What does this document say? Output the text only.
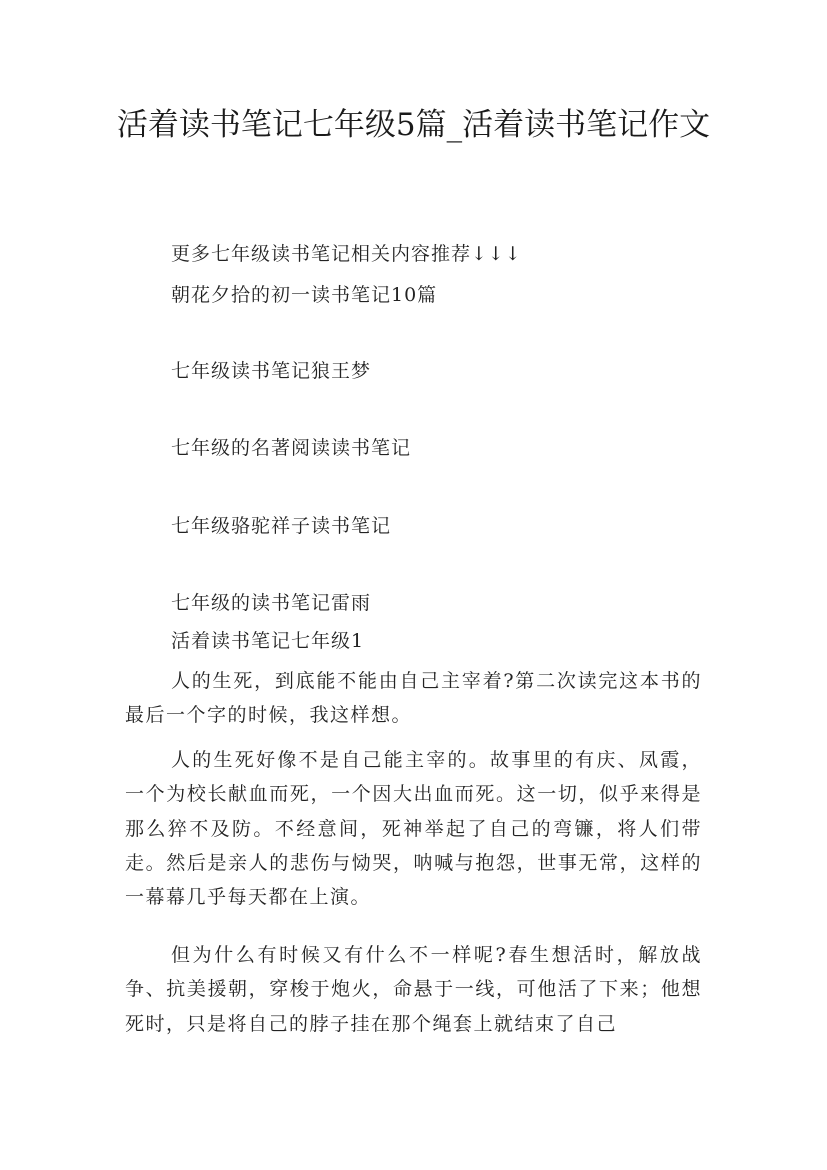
活着读书笔记七年级5篇_活着读书笔记作文

更多七年级读书笔记相关内容推荐↓↓↓

朝花夕拾的初一读书笔记10篇

七年级读书笔记狼王梦

七年级的名著阅读读书笔记

七年级骆驼祥子读书笔记

七年级的读书笔记雷雨

活着读书笔记七年级1

人的生死，到底能不能由自己主宰着?第二次读完这本书的最后一个字的时候，我这样想。

人的生死好像不是自己能主宰的。故事里的有庆、凤霞，一个为校长献血而死，一个因大出血而死。这一切，似乎来得是那么猝不及防。不经意间，死神举起了自己的弯镰，将人们带走。然后是亲人的悲伤与恸哭，呐喊与抱怨，世事无常，这样的一幕幕几乎每天都在上演。

但为什么有时候又有什么不一样呢?春生想活时，解放战争、抗美援朝，穿梭于炮火，命悬于一线，可他活了下来；他想死时，只是将自己的脖子挂在那个绳套上就结束了自己
